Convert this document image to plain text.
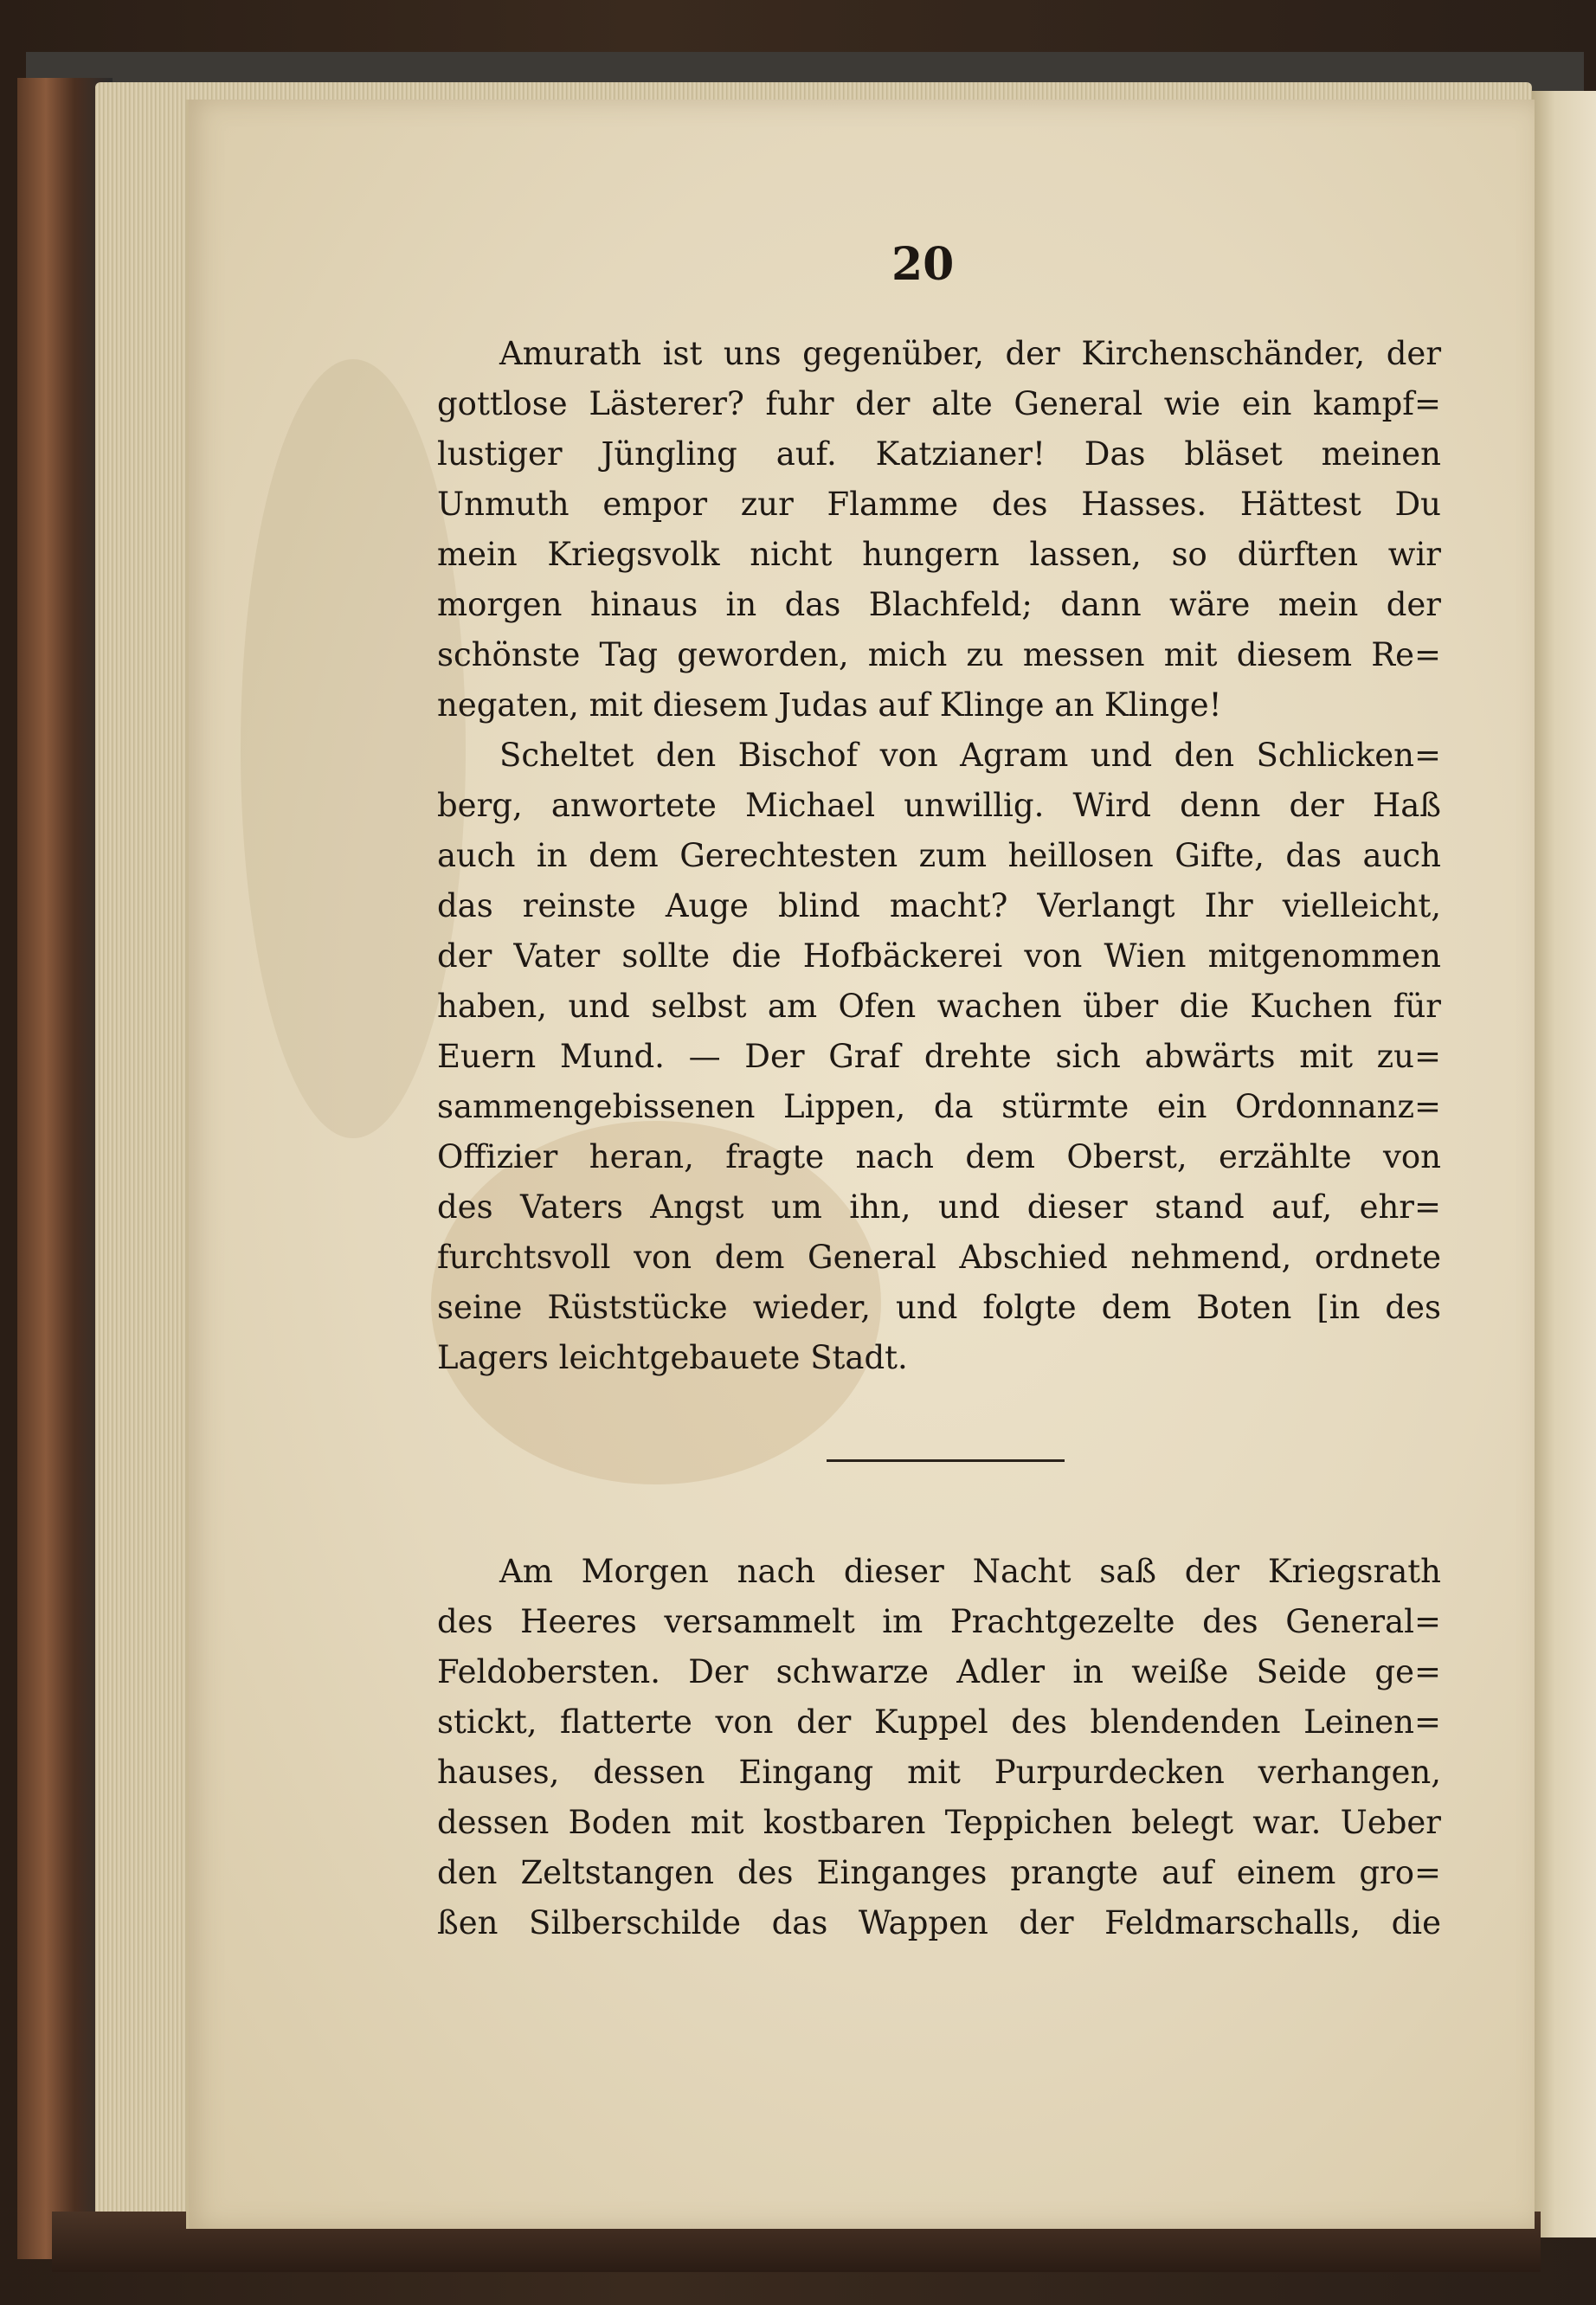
20
Amurath ist uns gegenüber, der Kirchenschänder, der
gottlose Lästerer? fuhr der alte General wie ein kampf=
lustiger Jüngling auf. Katzianer! Das bläset meinen
Unmuth empor zur Flamme des Hasses. Hättest Du
mein Kriegsvolk nicht hungern lassen, so dürften wir
morgen hinaus in das Blachfeld; dann wäre mein der
schönste Tag geworden, mich zu messen mit diesem Re=
negaten, mit diesem Judas auf Klinge an Klinge!
Scheltet den Bischof von Agram und den Schlicken=
berg, anwortete Michael unwillig. Wird denn der Haß
auch in dem Gerechtesten zum heillosen Gifte, das auch
das reinste Auge blind macht? Verlangt Ihr vielleicht,
der Vater sollte die Hofbäckerei von Wien mitgenommen
haben, und selbst am Ofen wachen über die Kuchen für
Euern Mund. — Der Graf drehte sich abwärts mit zu=
sammengebissenen Lippen, da stürmte ein Ordonnanz=
Offizier heran, fragte nach dem Oberst, erzählte von
des Vaters Angst um ihn, und dieser stand auf, ehr=
furchtsvoll von dem General Abschied nehmend, ordnete
seine Rüststücke wieder, und folgte dem Boten [in des
Lagers leichtgebauete Stadt.
Am Morgen nach dieser Nacht saß der Kriegsrath
des Heeres versammelt im Prachtgezelte des General=
Feldobersten. Der schwarze Adler in weiße Seide ge=
stickt, flatterte von der Kuppel des blendenden Leinen=
hauses, dessen Eingang mit Purpurdecken verhangen,
dessen Boden mit kostbaren Teppichen belegt war. Ueber
den Zeltstangen des Einganges prangte auf einem gro=
ßen Silberschilde das Wappen der Feldmarschalls, die
